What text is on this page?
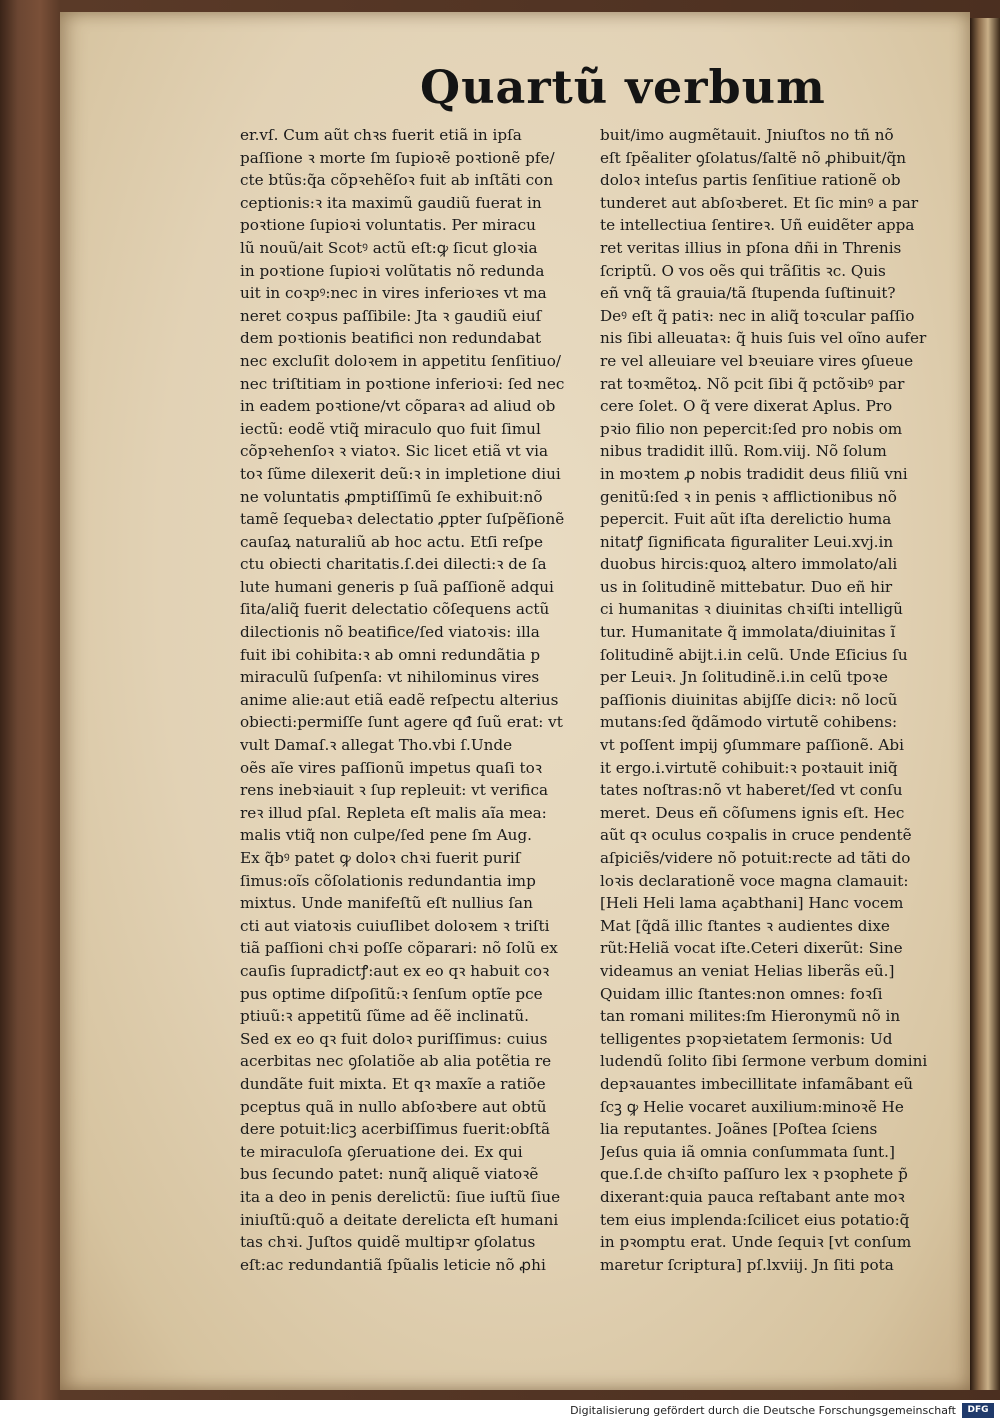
Quartũ verbum
er.vſ. Cum aũt chꝛs fuerit etiã in ipſa
paſſione ꝛ morte ſm ſupioꝛẽ poꝛtionẽ pfe/
cte btũs:q̃a cõpꝛehẽſoꝛ fuit ab inſtãti con
ceptionis:ꝛ ita maximũ gaudiũ fuerat in
poꝛtione ſupioꝛi voluntatis. Per miracu
lũ nouũ/ait Scotꝰ actũ eſt:ꝙ ſicut gloꝛia
in poꝛtione ſupioꝛi volũtatis nõ redunda
uit in coꝛpꝰ:nec in vires inferioꝛes vt ma
neret coꝛpus paſſibile: Jta ꝛ gaudiũ eiuſ
dem poꝛtionis beatifici non redundabat
nec excluſit doloꝛem in appetitu ſenſitiuo/
nec triſtitiam in poꝛtione inferioꝛi: ſed nec
in eadem poꝛtione/vt cõparaꝛ ad aliud ob
iectũ: eodẽ vtiq̃ miraculo quo fuit ſimul
cõpꝛehenſoꝛ ꝛ viatoꝛ. Sic licet etiã vt via
toꝛ ſũme dilexerit deũ:ꝛ in impletione diui
ne voluntatis ꝓmptiſſimũ ſe exhibuit:nõ
tamẽ ſequebaꝛ delectatio ꝓpter ſuſpẽſionẽ
cauſaꝝ naturaliũ ab hoc actu. Etſi reſpe
ctu obiecti charitatis.ſ.dei dilecti:ꝛ de ſa
lute humani generis p ſuã paſſionẽ adqui
ſita/aliq̃ fuerit delectatio cõſequens actũ
dilectionis nõ beatifice/ſed viatoꝛis: illa
fuit ibi cohibita:ꝛ ab omni redundãtia p
miraculũ ſuſpenſa: vt nihilominus vires
anime alie:aut etiã eadẽ reſpectu alterius
obiecti:permiſſe ſunt agere qđ ſuũ erat: vt
vult Damaſ.ꝛ allegat Tho.vbi ſ.Unde
oẽs aĩe vires paſſionũ impetus quaſi toꝛ
rens inebꝛiauit ꝛ ſup repleuit: vt verifica
reꝛ illud pſal. Repleta eſt malis aĩa mea:
malis vtiq̃ non culpe/ſed pene ſm Aug.
Ex q̃bꝰ patet ꝙ doloꝛ chꝛi fuerit puriſ
ſimus:oĩs cõſolationis redundantia imp
mixtus. Unde manifeſtũ eſt nullius ſan
cti aut viatoꝛis cuiuſlibet doloꝛem ꝛ triſti
tiã paſſioni chꝛi poſſe cõparari: nõ ſolũ ex
cauſis ſupradictꝭ:aut ex eo qꝛ habuit coꝛ
pus optime diſpoſitũ:ꝛ ſenſum optĩe pce
ptiuũ:ꝛ appetitũ ſũme ad ẽẽ inclinatũ.
Sed ex eo qꝛ fuit doloꝛ puriſſimus: cuius
acerbitas nec ꝯſolatiõe ab alia potẽtia re
dundãte fuit mixta. Et qꝛ maxĩe a ratiõe
pceptus quã in nullo abſoꝛbere aut obtũ
dere potuit:licꝫ acerbiſſimus fuerit:obſtã
te miraculoſa ꝯſeruatione dei. Ex qui
bus ſecundo patet: nunq̃ aliquẽ viatoꝛẽ
ita a deo in penis derelictũ: ſiue iuſtũ ſiue
iniuſtũ:quõ a deitate derelicta eſt humani
tas chꝛi. Juſtos quidẽ multipꝛr ꝯſolatus
eſt:ac redundantiã ſpũalis leticie nõ ꝓhi
buit/imo augmẽtauit. Jniuſtos no tñ nõ
eſt ſpẽaliter ꝯſolatus/ſaltẽ nõ ꝓhibuit/q̃n
doloꝛ inteſus partis ſenſitiue rationẽ ob
tunderet aut abſoꝛberet. Et ſic minꝰ a par
te intellectiua ſentireꝛ. Uñ euidẽter appa
ret veritas illius in pſona dñi in Threnis
ſcriptũ. O vos oẽs qui trãſitis ꝛc. Quis
eñ vnq̃ tã grauia/tã ſtupenda ſuſtinuit?
Deꝰ eſt q̃ patiꝛ: nec in aliq̃ toꝛcular paſſio
nis ſibi alleuataꝛ: q̃ huis ſuis vel oĩno aufer
re vel alleuiare vel bꝛeuiare vires ꝯſueue
rat toꝛmẽtoꝝ. Nõ pcit ſibi q̃ pctõꝛibꝰ par
cere ſolet. O q̃ vere dixerat Aplus. Pro
pꝛio filio non pepercit:ſed pro nobis om
nibus tradidit illũ. Rom.viij. Nõ ſolum
in moꝛtem ꝓ nobis tradidit deus filiũ vni
genitũ:ſed ꝛ in penis ꝛ afflictionibus nõ
pepercit. Fuit aũt iſta derelictio huma
nitatꝭ ſignificata figuraliter Leui.xvj.in
duobus hircis:quoꝝ altero immolato/ali
us in ſolitudinẽ mittebatur. Duo eñ hir
ci humanitas ꝛ diuinitas chꝛiſti intelligũ
tur. Humanitate q̃ immolata/diuinitas ĩ
ſolitudinẽ abijt.i.in celũ. Unde Eſicius ſu
per Leuiꝛ. Jn ſolitudinẽ.i.in celũ tpoꝛe
paſſionis diuinitas abijſſe diciꝛ: nõ locũ
mutans:ſed q̃dãmodo virtutẽ cohibens:
vt poſſent impij ꝯſummare paſſionẽ. Abi
it ergo.i.virtutẽ cohibuit:ꝛ poꝛtauit iniq̃
tates noſtras:nõ vt haberet/ſed vt conſu
meret. Deus eñ cõſumens ignis eſt. Hec
aũt qꝛ oculus coꝛpalis in cruce pendentẽ
aſpiciẽs/videre nõ potuit:recte ad tãti do
loꝛis declarationẽ voce magna clamauit:
[Heli Heli lama açabthani] Hanc vocem
Mat [q̃dã illic ſtantes ꝛ audientes dixe
rũt:Heliã vocat iſte.Ceteri dixerũt: Sine
videamus an veniat Helias liberãs eũ.]
Quidam illic ſtantes:non omnes: foꝛſi
tan romani milites:ſm Hieronymũ nõ in
telligentes pꝛopꝛietatem ſermonis: Ud
ludendũ ſolito ſibi ſermone verbum domini
depꝛauantes imbecillitate infamãbant eũ
ſcꝫ ꝙ Helie vocaret auxilium:minoꝛẽ He
lia reputantes. Joãnes [Poſtea ſciens
Jeſus quia iã omnia conſummata ſunt.]
que.ſ.de chꝛiſto paſſuro lex ꝛ pꝛophete p̃
dixerant:quia pauca reſtabant ante moꝛ
tem eius implenda:ſcilicet eius potatio:q̃
in pꝛomptu erat. Unde ſequiꝛ [vt conſum
maretur ſcriptura] pſ.lxviij. Jn ſiti pota
Digitalisierung gefördert durch die Deutsche Forschungsgemeinschaft	DFG
